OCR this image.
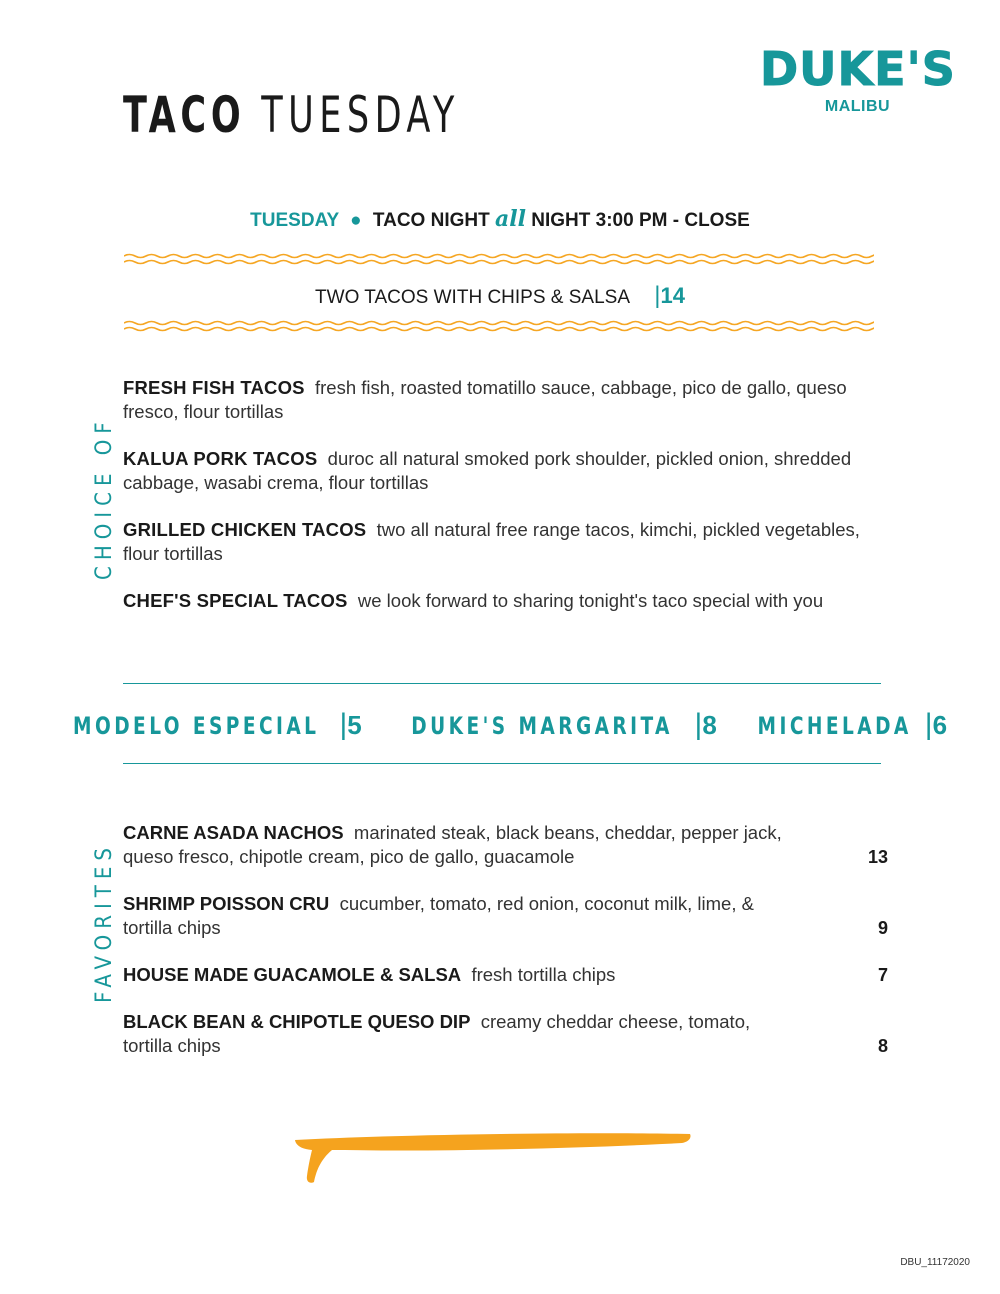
TACO TUESDAY
DUKE'S
MALIBU
TUESDAY ● TACO NIGHT all NIGHT 3:00 PM - CLOSE
TWO TACOS WITH CHIPS & SALSA |14
CHOICE OF
FRESH FISH TACOS fresh fish, roasted tomatillo sauce, cabbage, pico de gallo, queso fresco, flour tortillas
KALUA PORK TACOS duroc all natural smoked pork shoulder, pickled onion, shredded cabbage, wasabi crema, flour tortillas
GRILLED CHICKEN TACOS two all natural free range tacos, kimchi, pickled vegetables, flour tortillas
CHEF'S SPECIAL TACOS we look forward to sharing tonight's taco special with you
MODELO ESPECIAL |5 DUKE'S MARGARITA |8 MICHELADA |6
FAVORITES
CARNE ASADA NACHOS marinated steak, black beans, cheddar, pepper jack, queso fresco, chipotle cream, pico de gallo, guacamole	13
SHRIMP POISSON CRU cucumber, tomato, red onion, coconut milk, lime, & tortilla chips	9
HOUSE MADE GUACAMOLE & SALSA fresh tortilla chips	7
BLACK BEAN & CHIPOTLE QUESO DIP creamy cheddar cheese, tomato, tortilla chips	8
DBU_11172020
